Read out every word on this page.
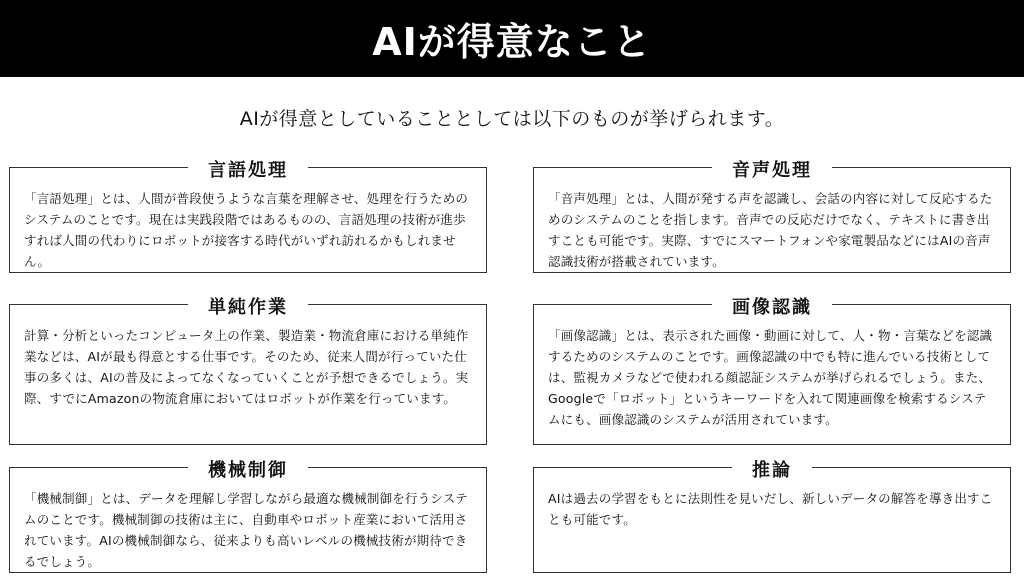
AIが得意なこと

AIが得意としていることとしては以下のものが挙げられます。

言語処理

「言語処理」とは、人間が普段使うような言葉を理解させ、処理を行うためのシステムのことです。現在は実践段階ではあるものの、言語処理の技術が進歩すれば人間の代わりにロボットが接客する時代がいずれ訪れるかもしれません。

音声処理

「音声処理」とは、人間が発する声を認識し、会話の内容に対して反応するためのシステムのことを指します。音声での反応だけでなく、テキストに書き出すことも可能です。実際、すでにスマートフォンや家電製品などにはAIの音声認識技術が搭載されています。

単純作業

計算・分析といったコンピュータ上の作業、製造業・物流倉庫における単純作業などは、AIが最も得意とする仕事です。そのため、従来人間が行っていた仕事の多くは、AIの普及によってなくなっていくことが予想できるでしょう。実際、すでにAmazonの物流倉庫においてはロボットが作業を行っています。

画像認識

「画像認識」とは、表示された画像・動画に対して、人・物・言葉などを認識するためのシステムのことです。画像認識の中でも特に進んでいる技術としては、監視カメラなどで使われる顔認証システムが挙げられるでしょう。また、Googleで「ロボット」というキーワードを入れて関連画像を検索するシステムにも、画像認識のシステムが活用されています。

機械制御

「機械制御」とは、データを理解し学習しながら最適な機械制御を行うシステムのことです。機械制御の技術は主に、自動車やロボット産業において活用されています。AIの機械制御なら、従来よりも高いレベルの機械技術が期待できるでしょう。

推論

AIは過去の学習をもとに法則性を見いだし、新しいデータの解答を導き出すことも可能です。
